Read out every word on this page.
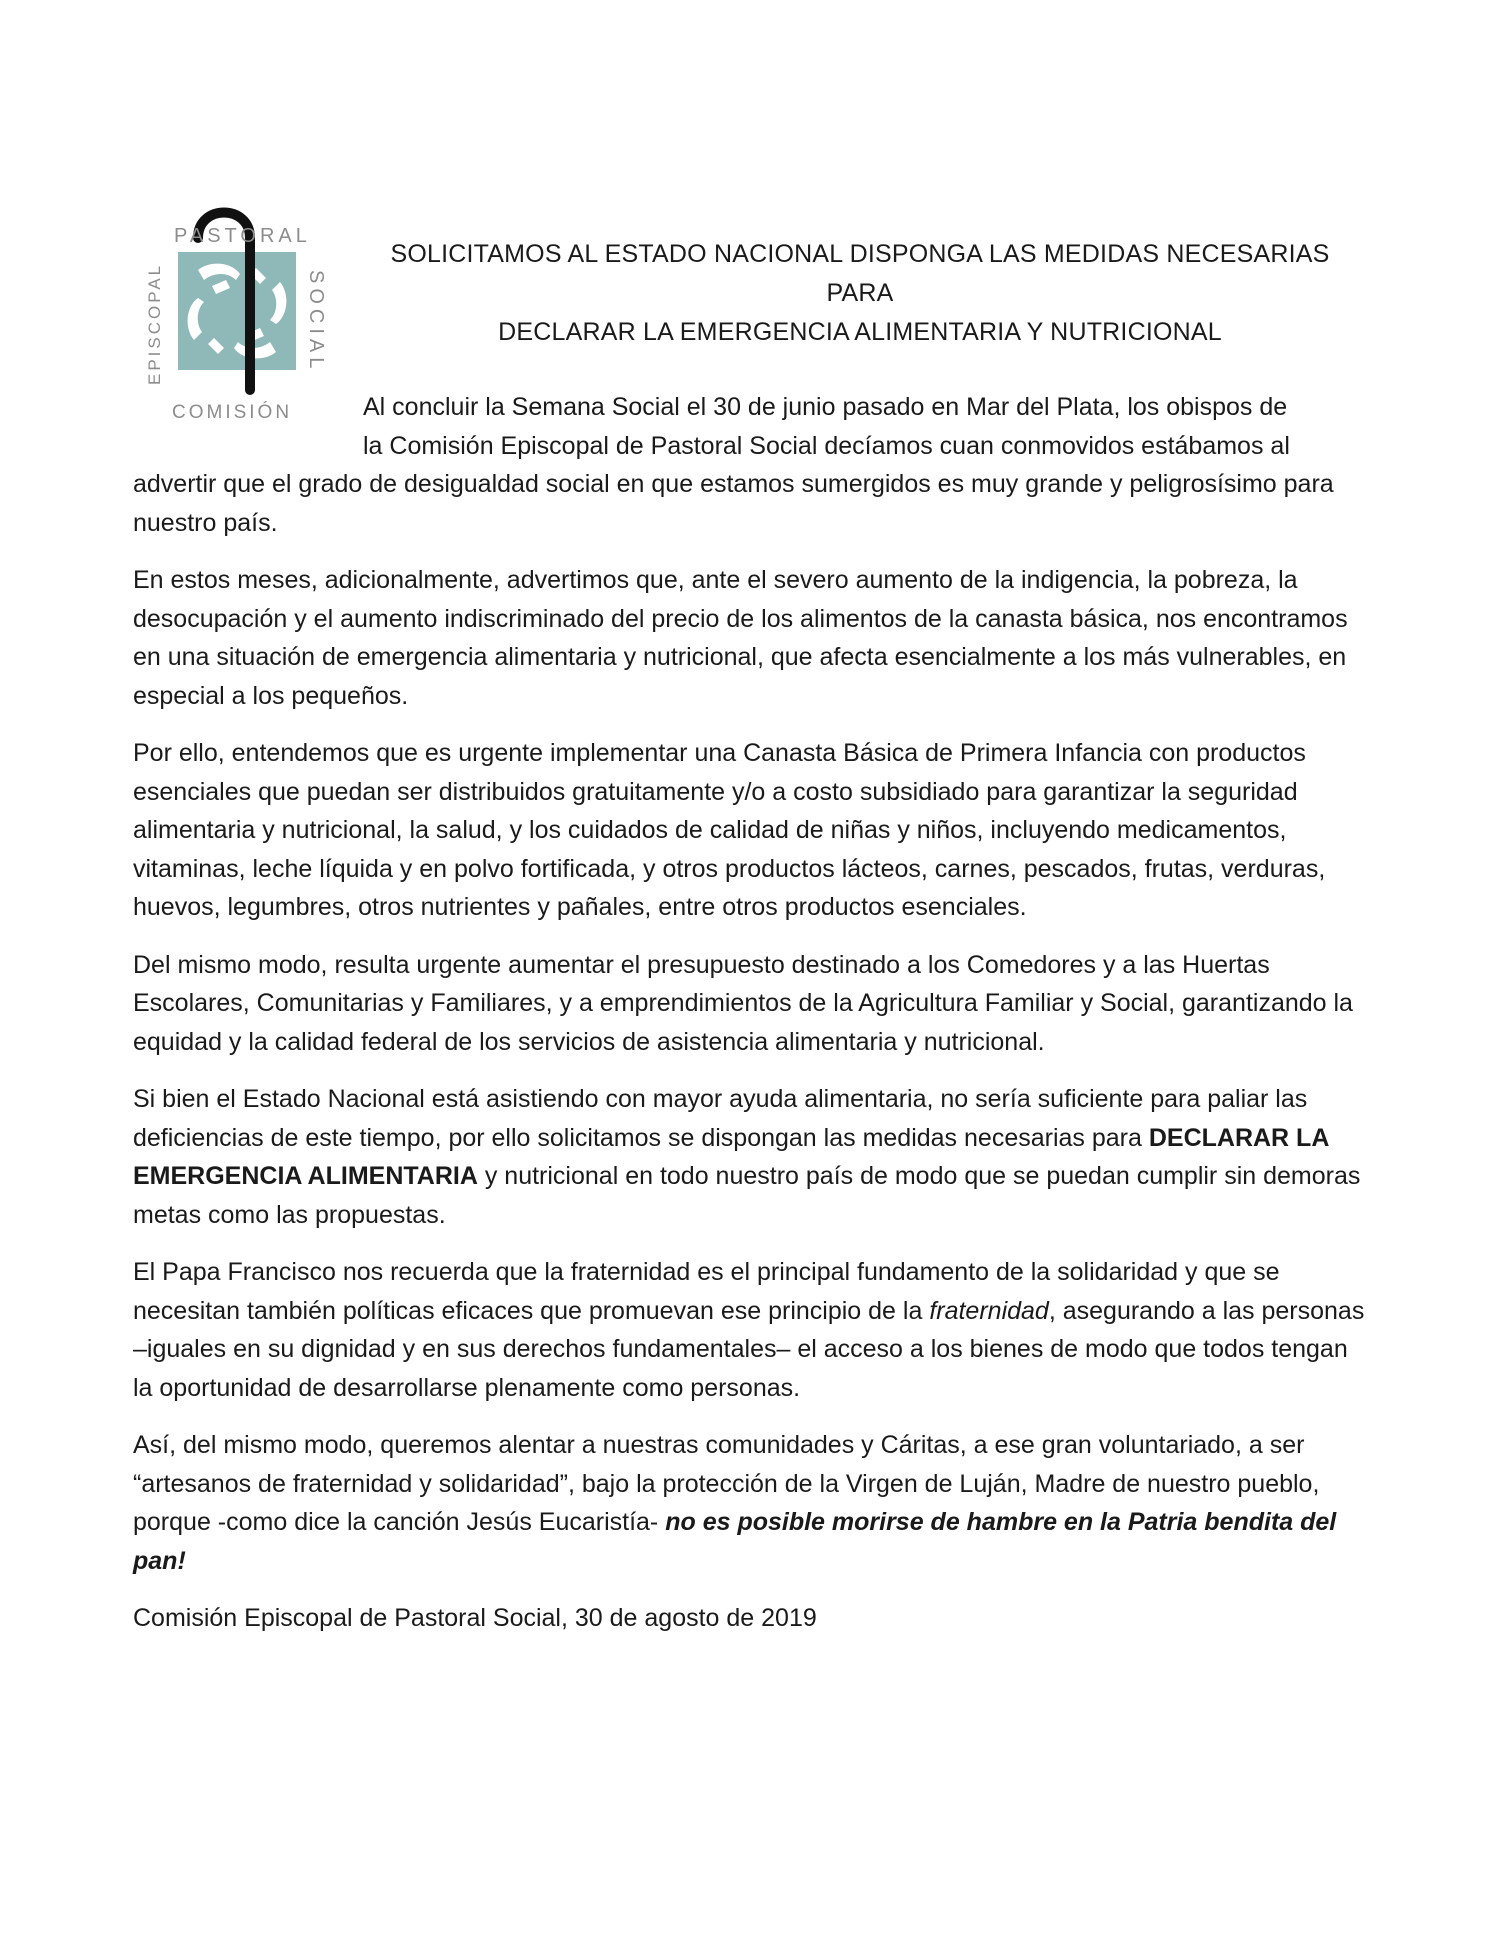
PASTORAL
EPISCOPAL	SOCIAL
COMISIÓN
SOLICITAMOS AL ESTADO NACIONAL DISPONGA LAS MEDIDAS NECESARIAS PARA
DECLARAR LA EMERGENCIA ALIMENTARIA Y NUTRICIONAL

Al concluir la Semana Social el 30 de junio pasado en Mar del Plata, los obispos de
la Comisión Episcopal de Pastoral Social decíamos cuan conmovidos estábamos al
advertir que el grado de desigualdad social en que estamos sumergidos es muy grande y peligrosísimo para nuestro país.

En estos meses, adicionalmente, advertimos que, ante el severo aumento de la indigencia, la pobreza, la desocupación y el aumento indiscriminado del precio de los alimentos de la canasta básica, nos encontramos en una situación de emergencia alimentaria y nutricional, que afecta esencialmente a los más vulnerables, en especial a los pequeños.

Por ello, entendemos que es urgente implementar una Canasta Básica de Primera Infancia con productos esenciales que puedan ser distribuidos gratuitamente y/o a costo subsidiado para garantizar la seguridad alimentaria y nutricional, la salud, y los cuidados de calidad de niñas y niños, incluyendo medicamentos, vitaminas, leche líquida y en polvo fortificada, y otros productos lácteos, carnes, pescados, frutas, verduras, huevos, legumbres, otros nutrientes y pañales, entre otros productos esenciales.

Del mismo modo, resulta urgente aumentar el presupuesto destinado a los Comedores y a las Huertas Escolares, Comunitarias y Familiares, y a emprendimientos de la Agricultura Familiar y Social, garantizando la equidad y la calidad federal de los servicios de asistencia alimentaria y nutricional.

Si bien el Estado Nacional está asistiendo con mayor ayuda alimentaria, no sería suficiente para paliar las deficiencias de este tiempo, por ello solicitamos se dispongan las medidas necesarias para DECLARAR LA EMERGENCIA ALIMENTARIA y nutricional en todo nuestro país de modo que se puedan cumplir sin demoras metas como las propuestas.

El Papa Francisco nos recuerda que la fraternidad es el principal fundamento de la solidaridad y que se necesitan también políticas eficaces que promuevan ese principio de la fraternidad, asegurando a las personas –iguales en su dignidad y en sus derechos fundamentales– el acceso a los bienes de modo que todos tengan la oportunidad de desarrollarse plenamente como personas.

Así, del mismo modo, queremos alentar a nuestras comunidades y Cáritas, a ese gran voluntariado, a ser “artesanos de fraternidad y solidaridad”, bajo la protección de la Virgen de Luján, Madre de nuestro pueblo, porque -como dice la canción Jesús Eucaristía- no es posible morirse de hambre en la Patria bendita del pan!

Comisión Episcopal de Pastoral Social, 30 de agosto de 2019
